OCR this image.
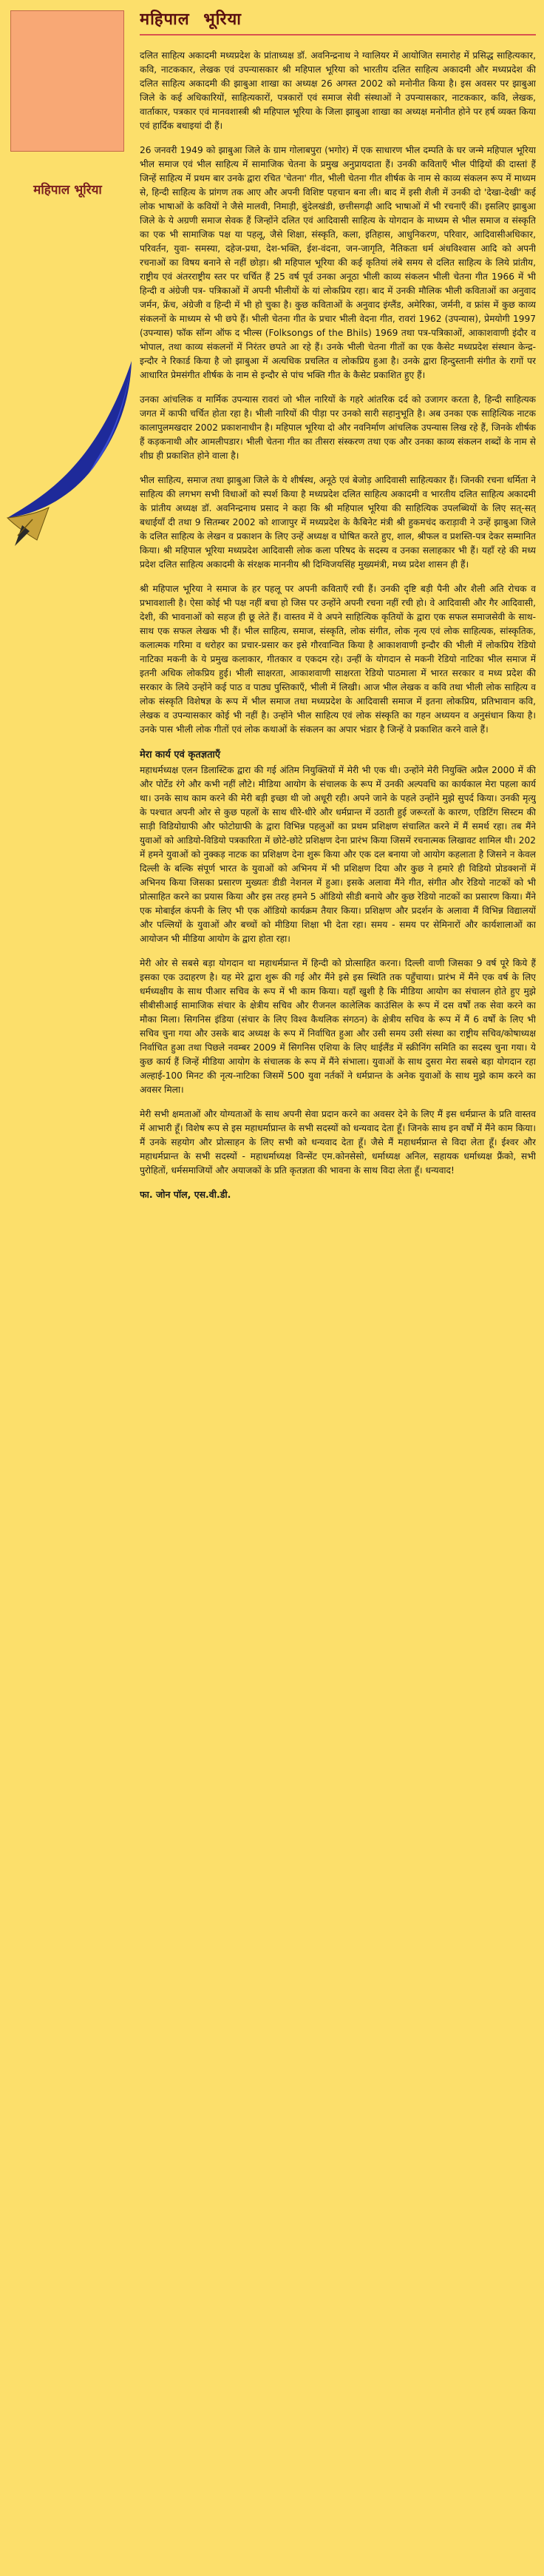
महिपाल भूरिया
महिपाल भूरिया

दलित साहित्य अकादमी मध्यप्रदेश के प्रांताध्यक्ष डॉ. अवनिन्द्रनाथ ने ग्वालियर में आयोजित समारोह में प्रसिद्ध साहित्यकार, कवि, नाटककार, लेखक एवं उपन्यासकार श्री महिपाल भूरिया को भारतीय दलित साहित्य अकादमी और मध्यप्रदेश की दलित साहित्य अकादमी की झाबुआ शाखा का अध्यक्ष 26 अगस्त 2002 को मनोनीत किया है। इस अवसर पर झाबुआ जिले के कई अधिकारियों, साहित्यकारों, पत्रकारों एवं समाज सेवी संस्थाओं ने उपन्यासकार, नाटककार, कवि, लेखक, वार्ताकार, पत्रकार एवं मानवशास्त्री श्री महिपाल भूरिया के जिला झाबुआ शाखा का अध्यक्ष मनोनीत होने पर हर्ष व्यक्त किया एवं हार्दिक बधाइयां दी हैं।

26 जनवरी 1949 को झाबुआ जिले के ग्राम गोलाबपुरा (भगोर) में एक साधारण भील दम्पति के घर जन्मे महिपाल भूरिया भील समाज एवं भील साहित्य में सामाजिक चेतना के प्रमुख अनुप्रायदाता हैं। उनकी कविताएँ भील पीढ़ियों की दास्तां हैं जिन्हें साहित्य में प्रथम बार उनके द्वारा रचित 'चेतना' गीत, भीली चेतना गीत शीर्षक के नाम से काव्य संकलन रूप में माध्यम से, हिन्दी साहित्य के प्रांगण तक आए और अपनी विशिष्ट पहचान बना ली। बाद में इसी शैली में उनकी दो 'देखा-देखी' कई लोक भाषाओं के कवियों ने जैसे मालवी, निमाड़ी, बुंदेलखंडी, छत्तीसगढ़ी आदि भाषाओं में भी रचनाएँ कीं। इसलिए झाबुआ जिले के ये अग्रणी समाज सेवक हैं जिन्होंने दलित एवं आदिवासी साहित्य के योगदान के माध्यम से भील समाज व संस्कृति का एक भी सामाजिक पक्ष या पहलू, जैसे शिक्षा, संस्कृति, कला, इतिहास, आधुनिकरण, परिवार, आदिवासीअधिकार, परिवर्तन, युवा- समस्या, दहेज-प्रथा, देश-भक्ति, ईश-वंदना, जन-जागृति, नैतिकता धर्म अंधविश्वास आदि को अपनी रचनाओं का विषय बनाने से नहीं छोड़ा। श्री महिपाल भूरिया की कई कृतियां लंबे समय से दलित साहित्य के लिये प्रांतीय, राष्ट्रीय एवं अंतरराष्ट्रीय स्तर पर चर्चित हैं 25 वर्ष पूर्व उनका अनूठा भीली काव्य संकलन भीली चेतना गीत 1966 में भी हिन्दी व अंग्रेजी पत्र- पत्रिकाओं में अपनी भीलीयों के यां लोकप्रिय रहा। बाद में उनकी मौलिक भीली कविताओं का अनुवाद जर्मन, फ्रेंच, अंग्रेजी व हिन्दी में भी हो चुका है। कुछ कविताओं के अनुवाद इंग्लैंड, अमेरिका, जर्मनी, व फ्रांस में कुछ काव्य संकलनों के माध्यम से भी छपे हैं। भीली चेतना गीत के प्रचार भीली वेदना गीत, रावरां 1962 (उपन्यास), प्रेमयोगी 1997 (उपन्यास) फॉक सॉन्ग ऑफ द भील्स (Folksongs of the Bhils) 1969 तथा पत्र-पत्रिकाओं, आकाशवाणी इंदौर व भोपाल, तथा काव्य संकलनों में निरंतर छपते आ रहे हैं। उनके भीली चेतना गीतों का एक कैसेट मध्यप्रदेश संस्थान केन्द्र- इन्दौर ने रिकार्ड किया है जो झाबुआ में अत्यधिक प्रचलित व लोकप्रिय हुआ है। उनके द्वारा हिन्दुस्तानी संगीत के रागों पर आधारित प्रेमसंगीत शीर्षक के नाम से इन्दौर से पांच भक्ति गीत के कैसेट प्रकाशित हुए हैं।

उनका आंचलिक व मार्मिक उपन्यास रावरां जो भील नारियों के गहरे आंतरिक दर्द को उजागर करता है, हिन्दी साहित्यक जगत में काफी चर्चित होता रहा है। भीली नारियों की पीड़ा पर उनको सारी सहानुभूति है। अब उनका एक साहित्यिक नाटक कालापुलमखदार 2002 प्रकाशनाधीन है। महिपाल भूरिया दो और नवनिर्माण आंचलिक उपन्यास लिख रहे हैं, जिनके शीर्षक हैं कड़कनाथी और आमलीपडार। भीली चेतना गीत का तीसरा संस्करण तथा एक और उनका काव्य संकलन शब्दों के नाम से शीघ्र ही प्रकाशित होने वाला है।

भील साहित्य, समाज तथा झाबुआ जिले के ये शीर्षस्थ, अनूठे एवं बेजोड़ आदिवासी साहित्यकार हैं। जिनकी रचना धर्मिता ने साहित्य की लगभग सभी विधाओं को स्पर्श किया है मध्यप्रदेश दलित साहित्य अकादमी व भारतीय दलित साहित्य अकादमी के प्रांतीय अध्यक्ष डॉ. अवनिन्द्रनाथ प्रसाद ने कहा कि श्री महिपाल भूरिया की साहित्यिक उपलब्धियों के लिए सत्-सत् बधाईयाँ दी तथा 9 सितम्बर 2002 को शाजापुर में मध्यप्रदेश के कैबिनेट मंत्री श्री हुकमचंद कराड़ावी ने उन्हें झाबुआ जिले के दलित साहित्य के लेखन व प्रकाशन के लिए उन्हें अध्यक्ष व घोषित करते हुए, शाल, श्रीफल व प्रशस्ति-पत्र देकर सम्मानित किया। श्री महिपाल भूरिया मध्यप्रदेश आदिवासी लोक कला परिषद के सदस्य व उनका सलाहकार भी हैं। यहाँ रहे की मध्य प्रदेश दलित साहित्य अकादमी के संरक्षक माननीय श्री दिग्विजयसिंह मुख्यमंत्री, मध्य प्रदेश शासन ही हैं।

श्री महिपाल भूरिया ने समाज के हर पहलू पर अपनी कविताएँ रची हैं। उनकी दृष्टि बड़ी पैनी और शैली अति रोचक व प्रभावशाली है। ऐसा कोई भी पक्ष नहीं बचा हो जिस पर उन्होंने अपनी रचना नहीं रची हो। वे आदिवासी और गैर आदिवासी, देशी, की भावनाओं को सहज ही छू लेते हैं। वास्तव में वे अपने साहित्यिक कृतियों के द्वारा एक सफल समाजसेवी के साथ-साथ एक सफल लेखक भी हैं। भील साहित्य, समाज, संस्कृति, लोक संगीत, लोक नृत्य एवं लोक साहित्यक, सांस्कृतिक, कलात्मक गरिमा व धरोहर का प्रचार-प्रसार कर इसे गौरवान्वित किया है आकाशवाणी इन्दौर की भीली में लोकप्रिय रेडियो नाटिका मकनी के ये प्रमुख कलाकार, गीतकार व एकदम रहे। उन्हीं के योगदान से मकनी रेडियो नाटिका भील समाज में इतनी अधिक लोकप्रिय हुई। भीली साक्षरता, आकाशवाणी साक्षरता रेडियो पाठमाला में भारत सरकार व मध्य प्रदेश की सरकार के लिये उन्होंने कई पाठ व पाठ्य पुस्तिकाएँ, भीली में लिखी। आज भील लेखक व कवि तथा भीली लोक साहित्य व लोक संस्कृति विशेषज्ञ के रूप में भील समाज तथा मध्यप्रदेश के आदिवासी समाज में इतना लोकप्रिय, प्रतिभावान कवि, लेखक व उपन्यासकार कोई भी नहीं है। उन्होंने भील साहित्य एवं लोक संस्कृति का गहन अध्ययन व अनुसंधान किया है। उनके पास भीली लोक गीतों एवं लोक कथाओं के संकलन का अपार भंडार है जिन्हें वे प्रकाशित करने वाले हैं।

मेरा कार्य एवं कृतज्ञताएँ

महाधर्मध्यक्ष एलन डिलास्टिक द्वारा की गई अंतिम नियुक्तियों में मेरी भी एक थी। उन्होंने मेरी नियुक्ति अप्रैल 2000 में की और पोर्टेड रंगे और कभी नहीं लौटे। मीडिया आयोग के संचालक के रूप में उनकी अल्पवधि का कार्यकाल मेरा पहला कार्य था। उनके साथ काम करने की मेरी बड़ी इच्छा थी जो अधूरी रही। अपने जाने के पहले उन्होंने मुझे सुपर्द किया। उनकी मृत्यु के पश्चात अपनी ओर से कुछ पहलों के साथ धीरे-धीरे और धर्मप्रान्त में उठाती हुई जरूरतों के कारण, एडिटिंग सिस्टम की साड़ी विडियोग्राफी और फोटोग्राफी के द्वारा विभिन्न पहलुओं का प्रथम प्रशिक्षण संचालित करने में मैं समर्थ रहा। तब मैंने युवाओं को आडियो-विडियो पत्रकारिता में छोटे-छोटे प्रशिक्षण देना प्रारंभ किया जिसमें रचनात्मक लिखावट शामिल थी। 202 में हमने युवाओं को नुक्कड़ नाटक का प्रशिक्षण देना शुरू किया और एक दल बनाया जो आयोग कहलाता है जिसने न केवल दिल्ली के बल्कि संपूर्ण भारत के युवाओं को अभिनय में भी प्रशिक्षण दिया और कुछ ने हमारे ही विडियो प्रोडक्शनों में अभिनय किया जिसका प्रसारण मुख्यतः डीडी नेशनल में हुआ। इसके अलावा मैंने गीत, संगीत और रेडियो नाटकों को भी प्रोत्साहित करने का प्रयास किया और इस तरह हमने 5 ऑडियो सीडी बनाये और कुछ रेडियो नाटकों का प्रसारण किया। मैंने एक मोबाईल कंपनी के लिए भी एक ऑडियो कार्यक्रम तैयार किया। प्रशिक्षण और प्रदर्शन के अलावा मैं विभिन्न विद्यालयों और पल्लियों के युवाओं और बच्चों को मीडिया शिक्षा भी देता रहा। समय - समय पर सेमिनारों और कार्यशालाओं का आयोजन भी मीडिया आयोग के द्वारा होता रहा।

मेरी ओर से सबसे बड़ा योगदान था महाधर्मप्रान्त में हिन्दी को प्रोत्साहित करना। दिल्ली वाणी जिसका 9 वर्ष पूरे किये हैं इसका एक उदाहरण है। यह मेरे द्वारा शुरू की गई और मैंने इसे इस स्थिति तक पहुँचाया। प्रारंभ में मैंने एक वर्ष के लिए धर्मध्यक्षीय के साथ पीआर सचिव के रूप में भी काम किया। यहाँ खुशी है कि मीडिया आयोग का संचालन होते हुए मुझे सीबीसीआई सामाजिक संचार के क्षेत्रीय सचिव और रीजनल कालेलिक काउंसिल के रूप में दस वर्षों तक सेवा करने का मौका मिला। सिगनिस इंडिया (संचार के लिए विश्व कैथलिक संगठन) के क्षेत्रीय सचिव के रूप में मैं 6 वर्षों के लिए भी सचिव चुना गया और उसके बाद अध्यक्ष के रूप में निर्वाचित हुआ और उसी समय उसी संस्था का राष्ट्रीय सचिव/कोषाध्यक्ष निर्वाचित हुआ तथा पिछले नवम्बर 2009 में सिगनिस एशिया के लिए थाईलैंड में स्क्रीनिंग समिति का सदस्य चुना गया। ये कुछ कार्य हैं जिन्हें मीडिया आयोग के संचालक के रूप में मैंने संभाला। युवाओं के साथ दुसरा मेरा सबसे बड़ा योगदान रहा अल्हाई-100 मिनट की नृत्य-नाटिका जिसमें 500 युवा नर्तकों ने धर्मप्रान्त के अनेक युवाओं के साथ मुझे काम करने का अवसर मिला।

मेरी सभी क्षमताओं और योग्यताओं के साथ अपनी सेवा प्रदान करने का अवसर देने के लिए मैं इस धर्मप्रान्त के प्रति वास्तव में आभारी हूँ। विशेष रूप से इस महाधर्माप्रान्त के सभी सदस्यों को धन्यवाद देता हूँ। जिनके साथ इन वर्षों में मैंने काम किया। मैं उनके सहयोग और प्रोत्साहन के लिए सभी को धन्यवाद देता हूँ। जैसे मैं महाधर्मप्रान्त से विदा लेता हूँ। ईश्वर और महाधर्मप्रान्त के सभी सदस्यों - महाधर्माध्यक्ष विन्सेंट एम.कोनसेसो, धर्माध्यक्ष अनिल, सहायक धर्माध्यक्ष फ्रैंको, सभी पुरोहितों, धर्मसमाजियों और अयाजकों के प्रति कृतज्ञता की भावना के साथ विदा लेता हूँ। धन्यवाद!

फा. जोन पॉल, एस.वी.डी.
